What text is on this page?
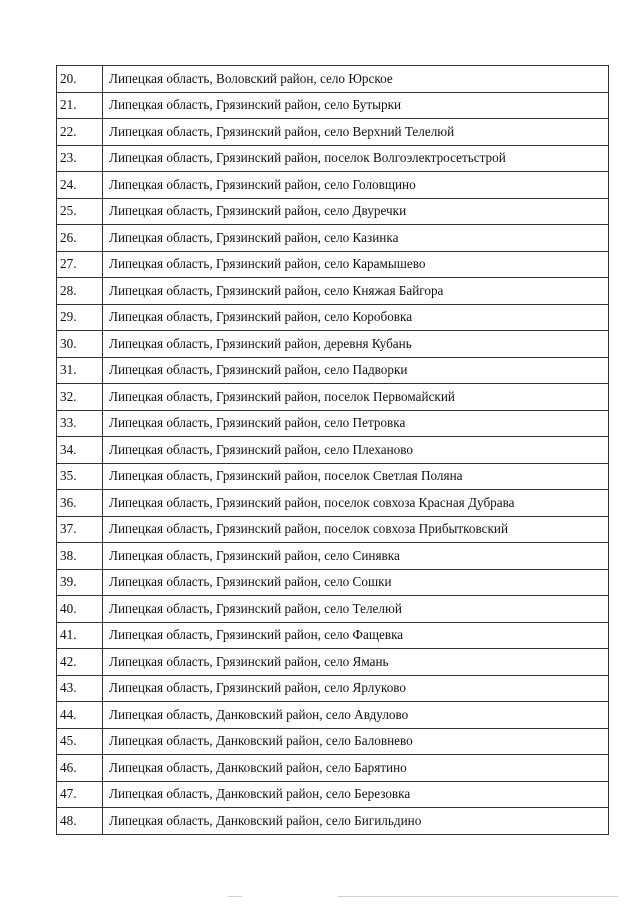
20.	Липецкая область, Воловский район, село Юрское
21.	Липецкая область, Грязинский район, село Бутырки
22.	Липецкая область, Грязинский район, село Верхний Телелюй
23.	Липецкая область, Грязинский район, поселок Волгоэлектросетьстрой
24.	Липецкая область, Грязинский район, село Головщино
25.	Липецкая область, Грязинский район, село Двуречки
26.	Липецкая область, Грязинский район, село Казинка
27.	Липецкая область, Грязинский район, село Карамышево
28.	Липецкая область, Грязинский район, село Княжая Байгора
29.	Липецкая область, Грязинский район, село Коробовка
30.	Липецкая область, Грязинский район, деревня Кубань
31.	Липецкая область, Грязинский район, село Падворки
32.	Липецкая область, Грязинский район, поселок Первомайский
33.	Липецкая область, Грязинский район, село Петровка
34.	Липецкая область, Грязинский район, село Плеханово
35.	Липецкая область, Грязинский район, поселок Светлая Поляна
36.	Липецкая область, Грязинский район, поселок совхоза Красная Дубрава
37.	Липецкая область, Грязинский район, поселок совхоза Прибытковский
38.	Липецкая область, Грязинский район, село Синявка
39.	Липецкая область, Грязинский район, село Сошки
40.	Липецкая область, Грязинский район, село Телелюй
41.	Липецкая область, Грязинский район, село Фащевка
42.	Липецкая область, Грязинский район, село Ямань
43.	Липецкая область, Грязинский район, село Ярлуково
44.	Липецкая область, Данковский район, село Авдулово
45.	Липецкая область, Данковский район, село Баловнево
46.	Липецкая область, Данковский район, село Барятино
47.	Липецкая область, Данковский район, село Березовка
48.	Липецкая область, Данковский район, село Бигильдино
